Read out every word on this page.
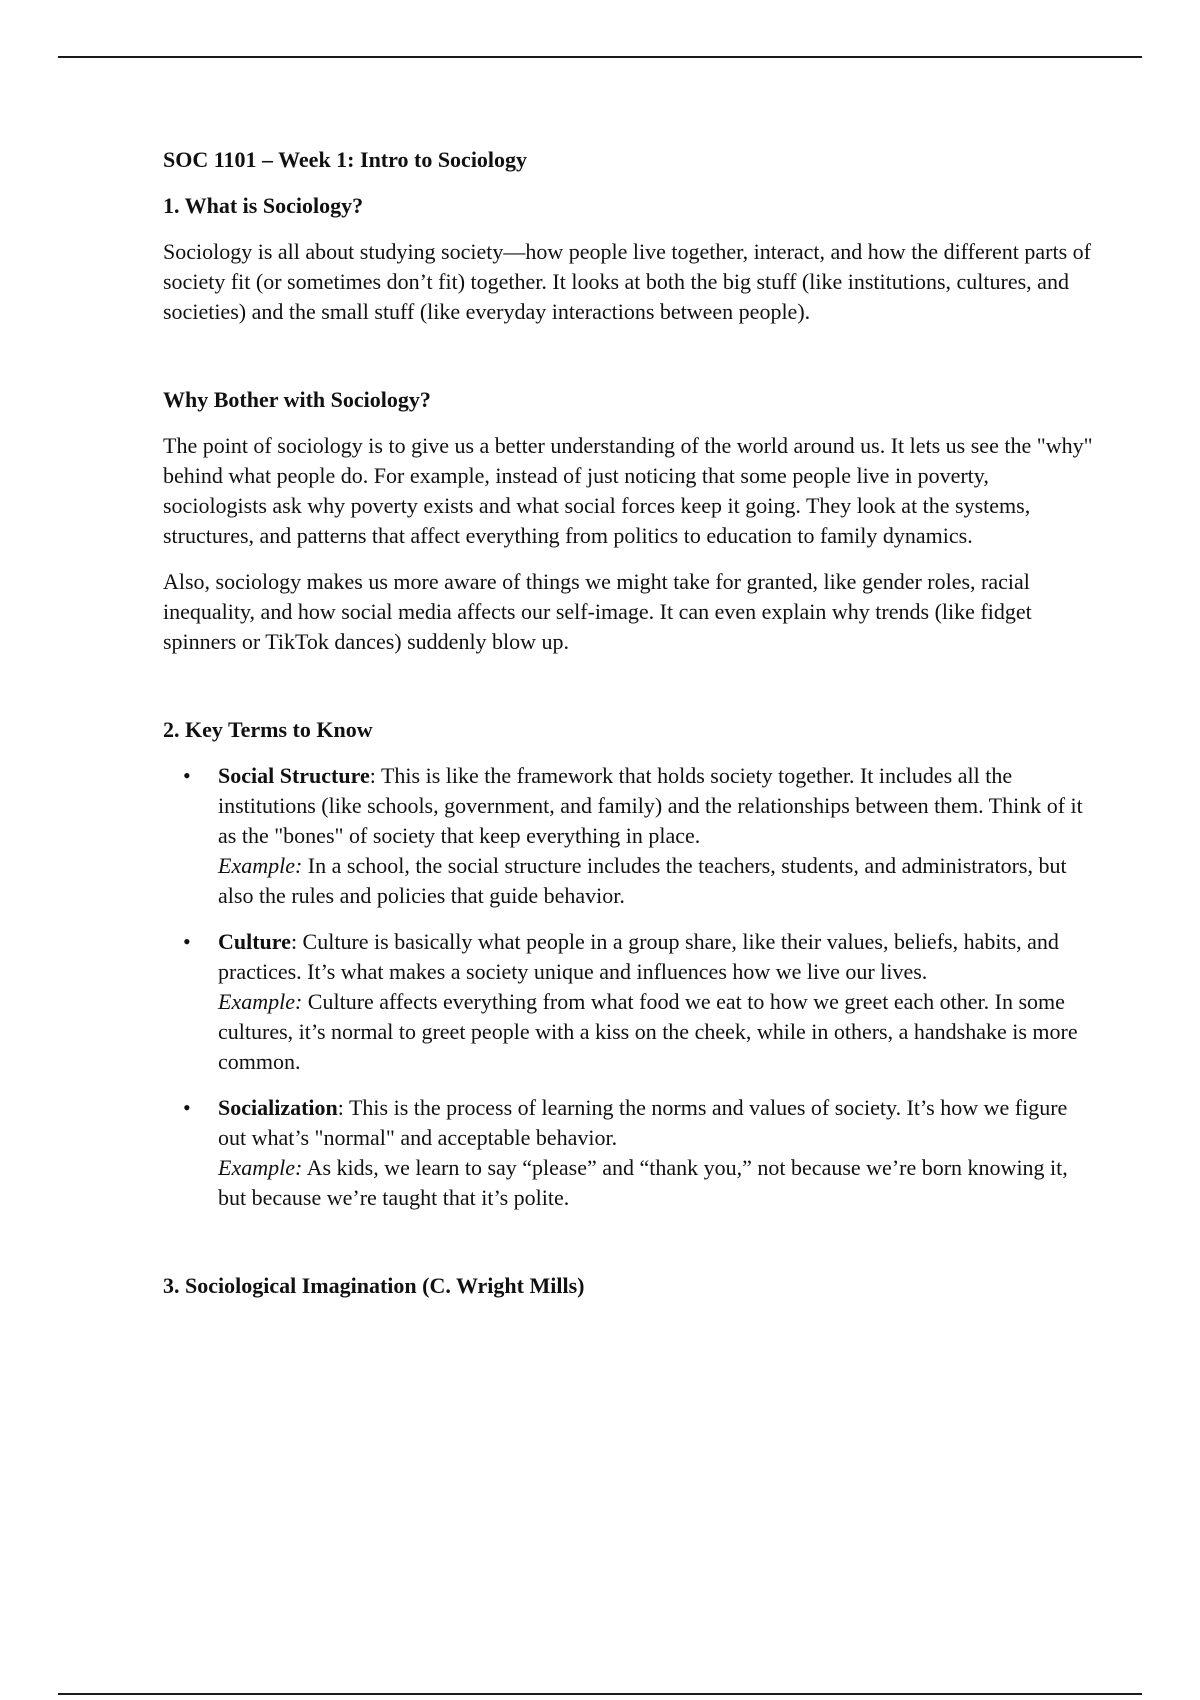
SOC 1101 – Week 1: Intro to Sociology

1. What is Sociology?

Sociology is all about studying society—how people live together, interact, and how the different parts of society fit (or sometimes don’t fit) together. It looks at both the big stuff (like institutions, cultures, and societies) and the small stuff (like everyday interactions between people).

Why Bother with Sociology?

The point of sociology is to give us a better understanding of the world around us. It lets us see the "why" behind what people do. For example, instead of just noticing that some people live in poverty, sociologists ask why poverty exists and what social forces keep it going. They look at the systems, structures, and patterns that affect everything from politics to education to family dynamics.

Also, sociology makes us more aware of things we might take for granted, like gender roles, racial inequality, and how social media affects our self-image. It can even explain why trends (like fidget spinners or TikTok dances) suddenly blow up.

2. Key Terms to Know

• Social Structure: This is like the framework that holds society together. It includes all the institutions (like schools, government, and family) and the relationships between them. Think of it as the "bones" of society that keep everything in place.
Example: In a school, the social structure includes the teachers, students, and administrators, but also the rules and policies that guide behavior.
• Culture: Culture is basically what people in a group share, like their values, beliefs, habits, and practices. It’s what makes a society unique and influences how we live our lives.
Example: Culture affects everything from what food we eat to how we greet each other. In some cultures, it’s normal to greet people with a kiss on the cheek, while in others, a handshake is more common.
• Socialization: This is the process of learning the norms and values of society. It’s how we figure out what’s "normal" and acceptable behavior.
Example: As kids, we learn to say “please” and “thank you,” not because we’re born knowing it, but because we’re taught that it’s polite.

3. Sociological Imagination (C. Wright Mills)
